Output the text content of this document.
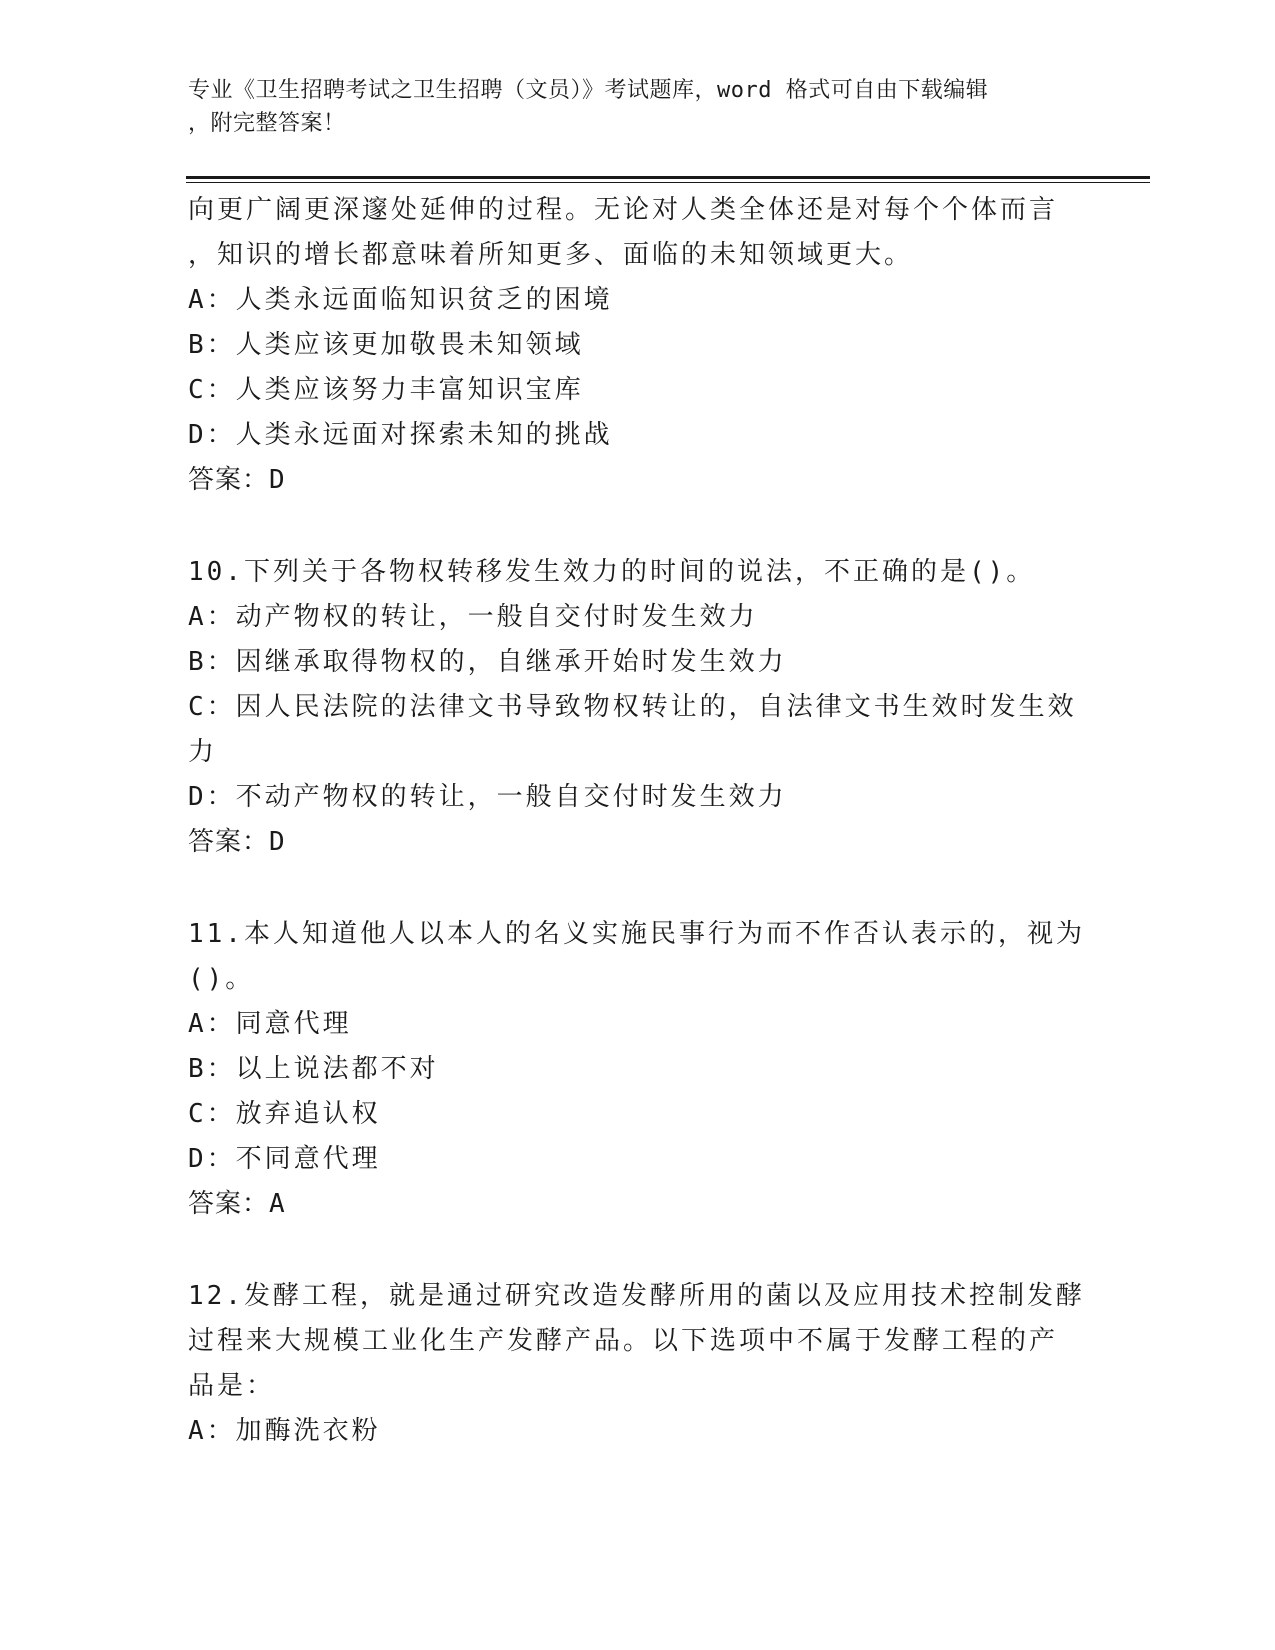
专业《卫生招聘考试之卫生招聘（文员）》考试题库，word 格式可自由下载编辑
，附完整答案！
向更广阔更深邃处延伸的过程。无论对人类全体还是对每个个体而言
，知识的增长都意味着所知更多、面临的未知领域更大。
A：人类永远面临知识贫乏的困境
B：人类应该更加敬畏未知领域
C：人类应该努力丰富知识宝库
D：人类永远面对探索未知的挑战
答案：D
10.下列关于各物权转移发生效力的时间的说法，不正确的是()。
A：动产物权的转让，一般自交付时发生效力
B：因继承取得物权的，自继承开始时发生效力
C：因人民法院的法律文书导致物权转让的，自法律文书生效时发生效
力
D：不动产物权的转让，一般自交付时发生效力
答案：D
11.本人知道他人以本人的名义实施民事行为而不作否认表示的，视为
()。
A：同意代理
B：以上说法都不对
C：放弃追认权
D：不同意代理
答案：A
12.发酵工程，就是通过研究改造发酵所用的菌以及应用技术控制发酵
过程来大规模工业化生产发酵产品。以下选项中不属于发酵工程的产
品是：
A：加酶洗衣粉
